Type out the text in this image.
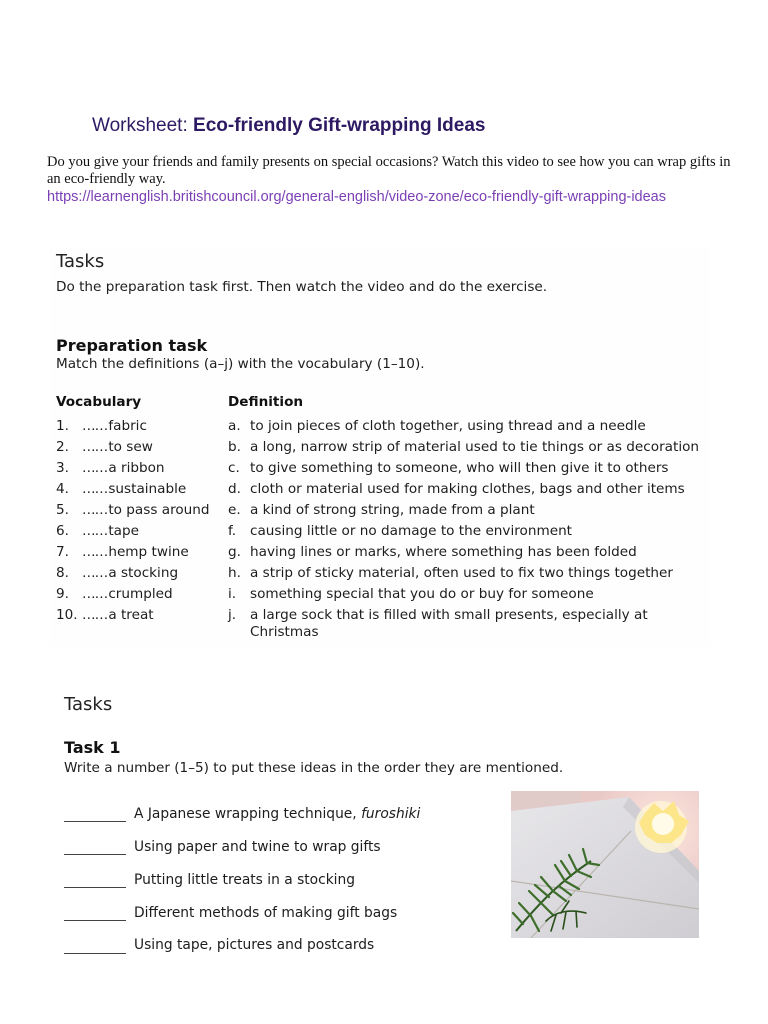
Worksheet: Eco-friendly Gift-wrapping Ideas
Do you give your friends and family presents on special occasions? Watch this video to see how you can wrap gifts in an eco-friendly way.
https://learnenglish.britishcouncil.org/general-english/video-zone/eco-friendly-gift-wrapping-ideas
Tasks
Do the preparation task first. Then watch the video and do the exercise.
Preparation task
Match the definitions (a–j) with the vocabulary (1–10).
Vocabulary	Definition
1. …… fabric
2. …… to sew
3. …… a ribbon
4. …… sustainable
5. …… to pass around
6. …… tape
7. …… hemp twine
8. …… a stocking
9. …… crumpled
10. …… a treat
a. to join pieces of cloth together, using thread and a needle
b. a long, narrow strip of material used to tie things or as decoration
c. to give something to someone, who will then give it to others
d. cloth or material used for making clothes, bags and other items
e. a kind of strong string, made from a plant
f. causing little or no damage to the environment
g. having lines or marks, where something has been folded
h. a strip of sticky material, often used to fix two things together
i. something special that you do or buy for someone
j. a large sock that is filled with small presents, especially at
Christmas
Tasks
Task 1
Write a number (1–5) to put these ideas in the order they are mentioned.
A Japanese wrapping technique, furoshiki
Using paper and twine to wrap gifts
Putting little treats in a stocking
Different methods of making gift bags
Using tape, pictures and postcards
